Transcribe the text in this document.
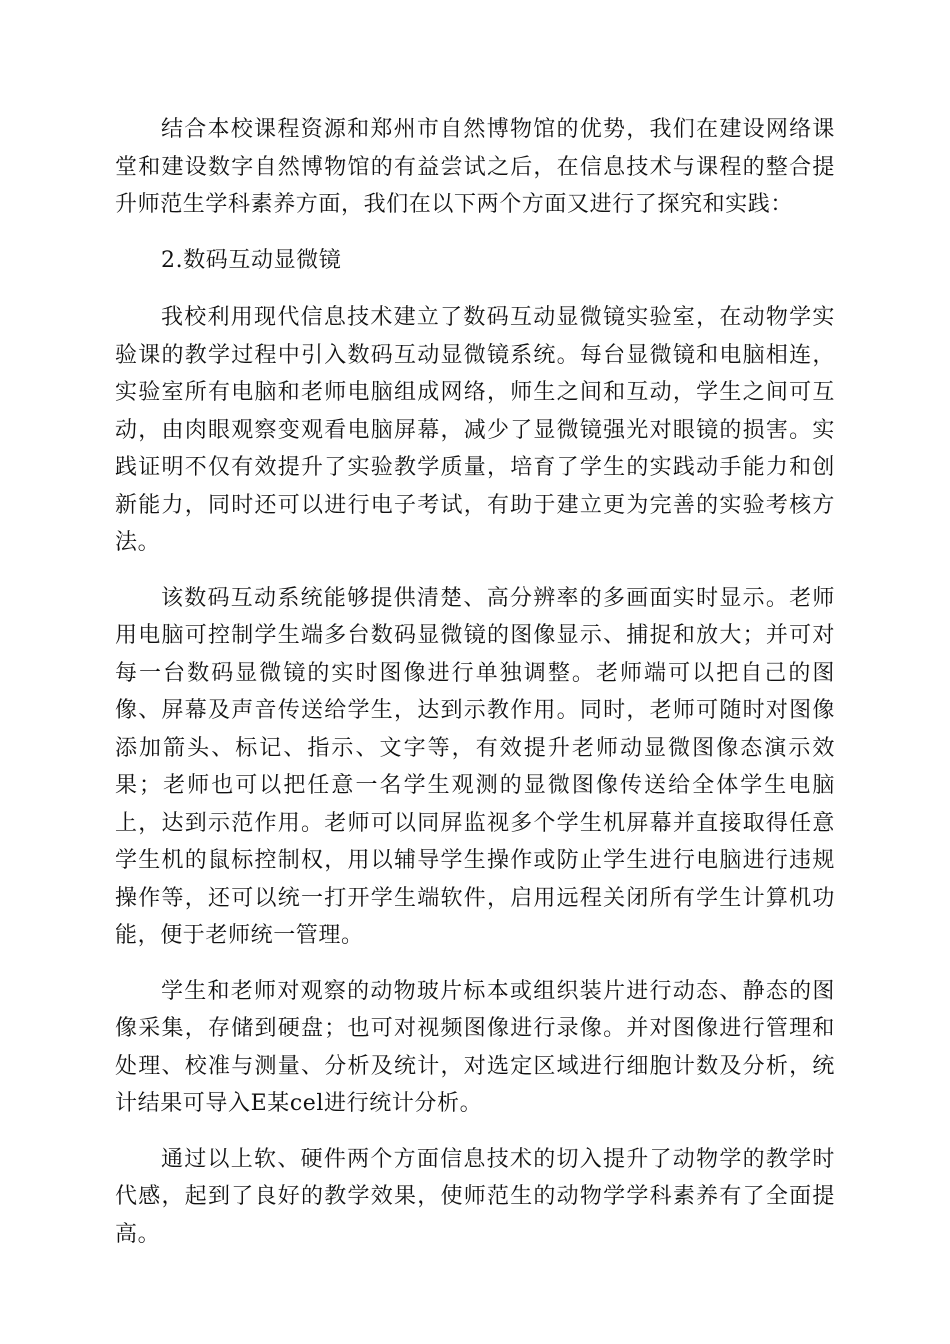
结合本校课程资源和郑州市自然博物馆的优势，我们在建设网络课堂和建设数字自然博物馆的有益尝试之后，在信息技术与课程的整合提升师范生学科素养方面，我们在以下两个方面又进行了探究和实践：

2.数码互动显微镜

我校利用现代信息技术建立了数码互动显微镜实验室，在动物学实验课的教学过程中引入数码互动显微镜系统。每台显微镜和电脑相连，实验室所有电脑和老师电脑组成网络，师生之间和互动，学生之间可互动，由肉眼观察变观看电脑屏幕，减少了显微镜强光对眼镜的损害。实践证明不仅有效提升了实验教学质量，培育了学生的实践动手能力和创新能力，同时还可以进行电子考试，有助于建立更为完善的实验考核方法。

该数码互动系统能够提供清楚、高分辨率的多画面实时显示。老师用电脑可控制学生端多台数码显微镜的图像显示、捕捉和放大；并可对每一台数码显微镜的实时图像进行单独调整。老师端可以把自己的图像、屏幕及声音传送给学生，达到示教作用。同时，老师可随时对图像添加箭头、标记、指示、文字等，有效提升老师动显微图像态演示效果；老师也可以把任意一名学生观测的显微图像传送给全体学生电脑上，达到示范作用。老师可以同屏监视多个学生机屏幕并直接取得任意学生机的鼠标控制权，用以辅导学生操作或防止学生进行电脑进行违规操作等，还可以统一打开学生端软件，启用远程关闭所有学生计算机功能，便于老师统一管理。

学生和老师对观察的动物玻片标本或组织装片进行动态、静态的图像采集，存储到硬盘；也可对视频图像进行录像。并对图像进行管理和处理、校准与测量、分析及统计，对选定区域进行细胞计数及分析，统计结果可导入E某cel进行统计分析。

通过以上软、硬件两个方面信息技术的切入提升了动物学的教学时代感，起到了良好的教学效果，使师范生的动物学学科素养有了全面提高。
